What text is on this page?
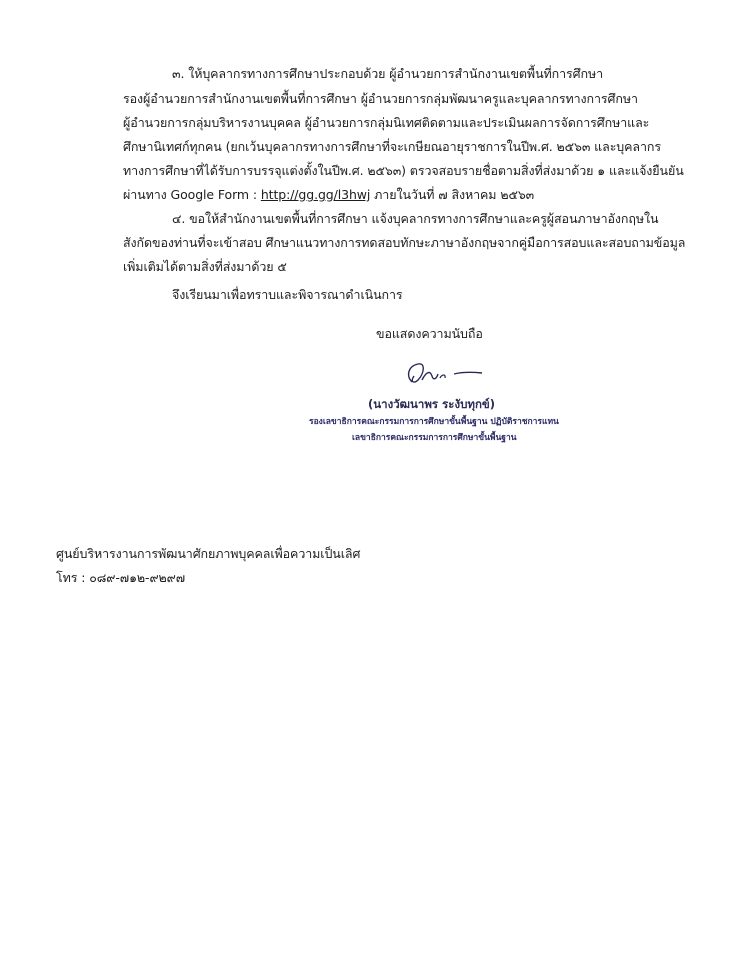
๓. ให้บุคลากรทางการศึกษาประกอบด้วย ผู้อำนวยการสำนักงานเขตพื้นที่การศึกษา
รองผู้อำนวยการสำนักงานเขตพื้นที่การศึกษา ผู้อำนวยการกลุ่มพัฒนาครูและบุคลากรทางการศึกษา
ผู้อำนวยการกลุ่มบริหารงานบุคคล ผู้อำนวยการกลุ่มนิเทศติดตามและประเมินผลการจัดการศึกษาและ
ศึกษานิเทศก์ทุกคน (ยกเว้นบุคลากรทางการศึกษาที่จะเกษียณอายุราชการในปีพ.ศ. ๒๕๖๓ และบุคลากร
ทางการศึกษาที่ได้รับการบรรจุแต่งตั้งในปีพ.ศ. ๒๕๖๓) ตรวจสอบรายชื่อตามสิ่งที่ส่งมาด้วย ๑ และแจ้งยืนยัน
ผ่านทาง Google Form : http://gg.gg/l3hwj ภายในวันที่ ๗ สิงหาคม ๒๕๖๓
๔. ขอให้สำนักงานเขตพื้นที่การศึกษา แจ้งบุคลากรทางการศึกษาและครูผู้สอนภาษาอังกฤษใน
สังกัดของท่านที่จะเข้าสอบ ศึกษาแนวทางการทดสอบทักษะภาษาอังกฤษจากคู่มือการสอบและสอบถามข้อมูล
เพิ่มเติมได้ตามสิ่งที่ส่งมาด้วย ๕
จึงเรียนมาเพื่อทราบและพิจารณาดำเนินการ
ขอแสดงความนับถือ
(นางวัฒนาพร ระงับทุกข์)
รองเลขาธิการคณะกรรมการการศึกษาขั้นพื้นฐาน ปฏิบัติราชการแทน
เลขาธิการคณะกรรมการการศึกษาขั้นพื้นฐาน
ศูนย์บริหารงานการพัฒนาศักยภาพบุคคลเพื่อความเป็นเลิศ
โทร : ๐๘๙-๗๑๒-๙๒๙๗
